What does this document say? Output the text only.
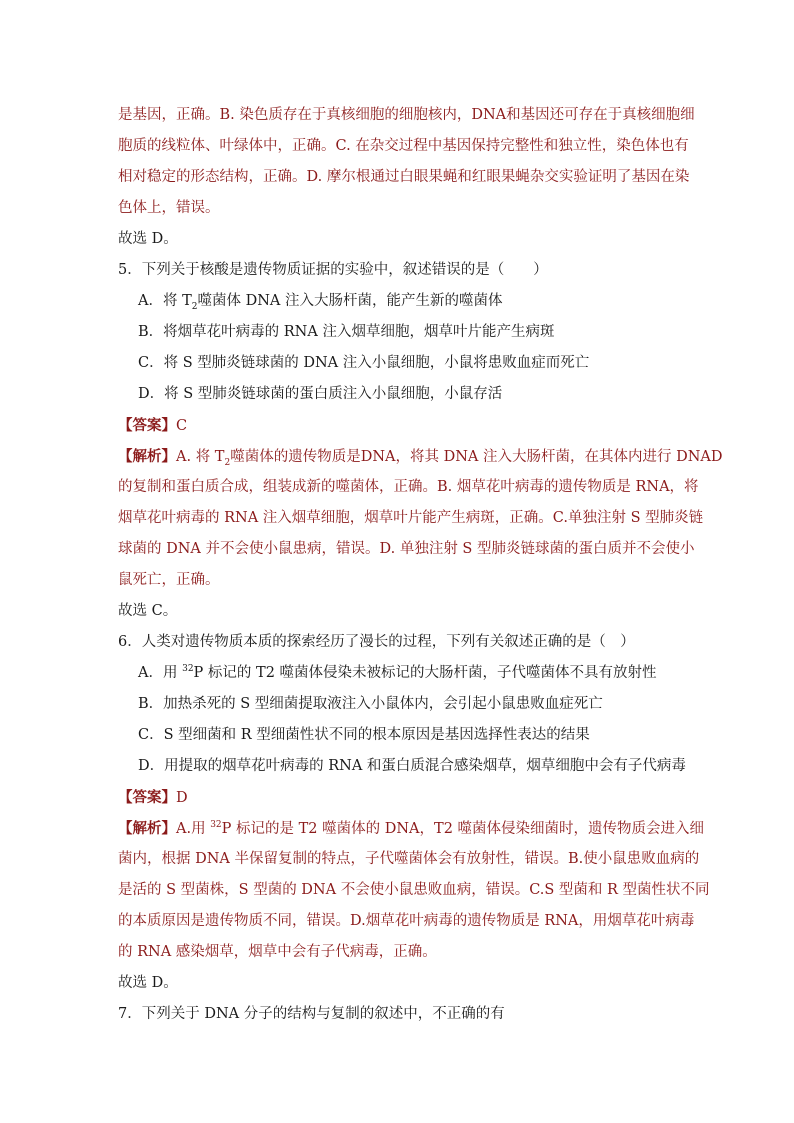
是基因，正确。B. 染色质存在于真核细胞的细胞核内，DNA和基因还可存在于真核细胞细
胞质的线粒体、叶绿体中，正确。C. 在杂交过程中基因保持完整性和独立性，染色体也有
相对稳定的形态结构，正确。D. 摩尔根通过白眼果蝇和红眼果蝇杂交实验证明了基因在染
色体上，错误。
故选 D。
5．下列关于核酸是遗传物质证据的实验中，叙述错误的是（　　）
A．将 $T_2$噬菌体 DNA 注入大肠杆菌，能产生新的噬菌体
B．将烟草花叶病毒的 RNA 注入烟草细胞，烟草叶片能产生病斑
C．将 S 型肺炎链球菌的 DNA 注入小鼠细胞，小鼠将患败血症而死亡
D．将 S 型肺炎链球菌的蛋白质注入小鼠细胞，小鼠存活
【答案】C
【解析】A. 将 $T_2$噬菌体的遗传物质是DNA，将其 DNA 注入大肠杆菌，在其体内进行 DNAD
的复制和蛋白质合成，组装成新的噬菌体，正确。B. 烟草花叶病毒的遗传物质是 RNA，将
烟草花叶病毒的 RNA 注入烟草细胞，烟草叶片能产生病斑，正确。C.单独注射 S 型肺炎链
球菌的 DNA 并不会使小鼠患病，错误。D. 单独注射 S 型肺炎链球菌的蛋白质并不会使小
鼠死亡，正确。
故选 C。
6．人类对遗传物质本质的探索经历了漫长的过程，下列有关叙述正确的是（　）
A．用 $^{32}$P 标记的 T2 噬菌体侵染未被标记的大肠杆菌，子代噬菌体不具有放射性
B．加热杀死的 S 型细菌提取液注入小鼠体内，会引起小鼠患败血症死亡
C．S 型细菌和 R 型细菌性状不同的根本原因是基因选择性表达的结果
D．用提取的烟草花叶病毒的 RNA 和蛋白质混合感染烟草，烟草细胞中会有子代病毒
【答案】D
【解析】A.用 $^{32}$P 标记的是 T2 噬菌体的 DNA，T2 噬菌体侵染细菌时，遗传物质会进入细
菌内，根据 DNA 半保留复制的特点，子代噬菌体会有放射性，错误。B.使小鼠患败血病的
是活的 S 型菌株，S 型菌的 DNA 不会使小鼠患败血病，错误。C.S 型菌和 R 型菌性状不同
的本质原因是遗传物质不同，错误。D.烟草花叶病毒的遗传物质是 RNA，用烟草花叶病毒
的 RNA 感染烟草，烟草中会有子代病毒，正确。
故选 D。
7．下列关于 DNA 分子的结构与复制的叙述中，不正确的有
